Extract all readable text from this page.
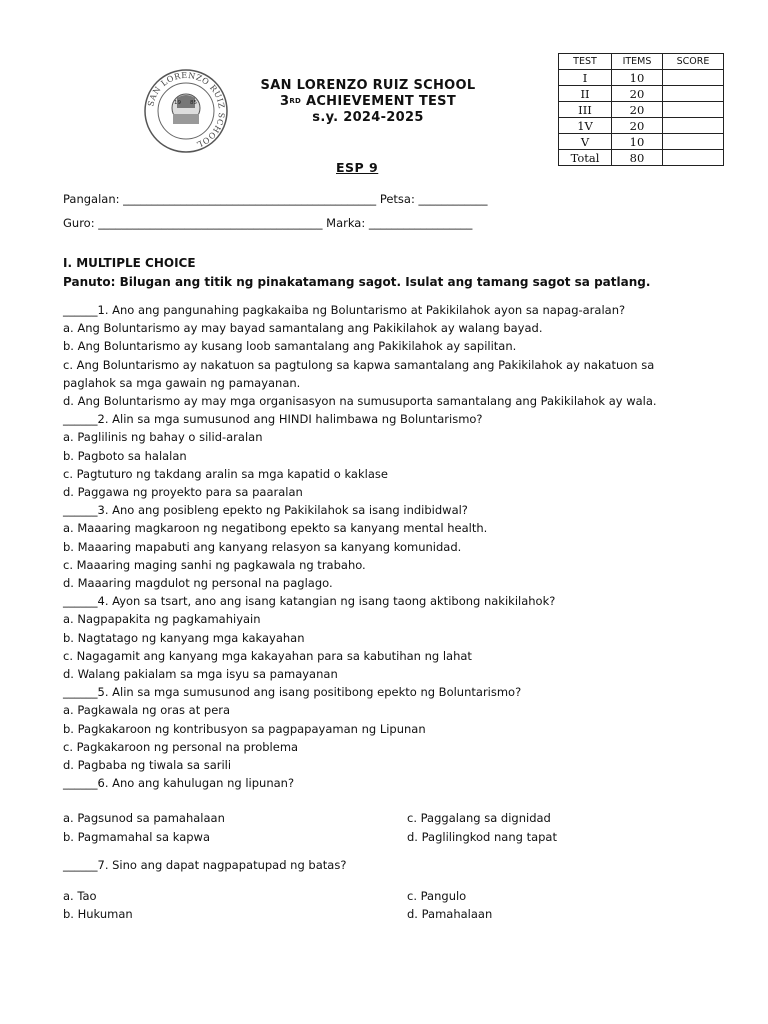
SAN LORENZO RUIZ SCHOOL
19 85
SAN LORENZO RUIZ SCHOOL
3RD ACHIEVEMENT TEST
s.y. 2024-2025
TEST	ITEMS	SCORE
I	10	
II	20	
III	20	
1V	20	
V	10	
Total	80	
ESP 9
Pangalan: ____________________________________________ Petsa: ____________
Guro: _______________________________________ Marka: __________________
I. MULTIPLE CHOICE
Panuto: Bilugan ang titik ng pinakatamang sagot. Isulat ang tamang sagot sa patlang.
______1. Ano ang pangunahing pagkakaiba ng Boluntarismo at Pakikilahok ayon sa napag-aralan?
a. Ang Boluntarismo ay may bayad samantalang ang Pakikilahok ay walang bayad.
b. Ang Boluntarismo ay kusang loob samantalang ang Pakikilahok ay sapilitan.
c. Ang Boluntarismo ay nakatuon sa pagtulong sa kapwa samantalang ang Pakikilahok ay nakatuon sa
paglahok sa mga gawain ng pamayanan.
d. Ang Boluntarismo ay may mga organisasyon na sumusuporta samantalang ang Pakikilahok ay wala.
______2. Alin sa mga sumusunod ang HINDI halimbawa ng Boluntarismo?
a. Paglilinis ng bahay o silid-aralan
b. Pagboto sa halalan
c. Pagtuturo ng takdang aralin sa mga kapatid o kaklase
d. Paggawa ng proyekto para sa paaralan
______3. Ano ang posibleng epekto ng Pakikilahok sa isang indibidwal?
a. Maaaring magkaroon ng negatibong epekto sa kanyang mental health.
b. Maaaring mapabuti ang kanyang relasyon sa kanyang komunidad.
c. Maaaring maging sanhi ng pagkawala ng trabaho.
d. Maaaring magdulot ng personal na paglago.
______4. Ayon sa tsart, ano ang isang katangian ng isang taong aktibong nakikilahok?
a. Nagpapakita ng pagkamahiyain
b. Nagtatago ng kanyang mga kakayahan
c. Nagagamit ang kanyang mga kakayahan para sa kabutihan ng lahat
d. Walang pakialam sa mga isyu sa pamayanan
______5. Alin sa mga sumusunod ang isang positibong epekto ng Boluntarismo?
a. Pagkawala ng oras at pera
b. Pagkakaroon ng kontribusyon sa pagpapayaman ng Lipunan
c. Pagkakaroon ng personal na problema
d. Pagbaba ng tiwala sa sarili
______6. Ano ang kahulugan ng lipunan?
a. Pagsunod sa pamahalaan
b. Pagmamahal sa kapwa
c. Paggalang sa dignidad
d. Paglilingkod nang tapat
______7. Sino ang dapat nagpapatupad ng batas?
a. Tao
b. Hukuman
c. Pangulo
d. Pamahalaan
